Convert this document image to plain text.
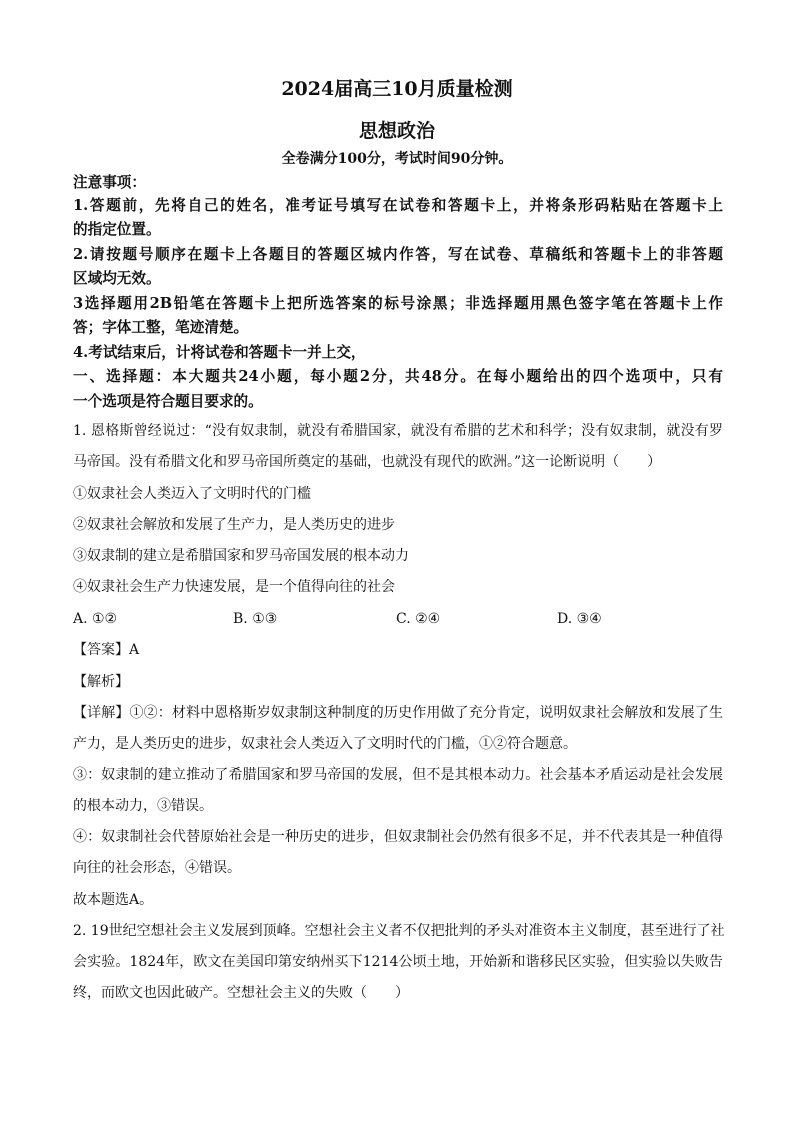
2024届高三10月质量检测
思想政治
全卷满分100分，考试时间90分钟。
注意事项：
1.答题前，先将自己的姓名，准考证号填写在试卷和答题卡上，并将条形码粘贴在答题卡上
的指定位置。
2.请按题号顺序在题卡上各题目的答题区城内作答，写在试卷、草稿纸和答题卡上的非答题
区域均无效。
3选择题用2B铅笔在答题卡上把所选答案的标号涂黑；非选择题用黑色签字笔在答题卡上作
答；字体工整，笔迹清楚。
4.考试结束后，计将试卷和答题卡一并上交，
一、选择题：本大题共24小题，每小题2分，共48分。在每小题给出的四个选项中，只有
一个选项是符合题目要求的。
1. 恩格斯曾经说过：“没有奴隶制，就没有希腊国家，就没有希腊的艺术和科学；没有奴隶制，就没有罗
马帝国。没有希腊文化和罗马帝国所奠定的基础，也就没有现代的欧洲。”这一论断说明（　　）
①奴隶社会人类迈入了文明时代的门槛
②奴隶社会解放和发展了生产力，是人类历史的进步
③奴隶制的建立是希腊国家和罗马帝国发展的根本动力
④奴隶社会生产力快速发展，是一个值得向往的社会
A. ①②	B. ①③	C. ②④	D. ③④
【答案】A
【解析】
【详解】①②：材料中恩格斯岁奴隶制这种制度的历史作用做了充分肯定，说明奴隶社会解放和发展了生
产力，是人类历史的进步，奴隶社会人类迈入了文明时代的门槛，①②符合题意。
③：奴隶制的建立推动了希腊国家和罗马帝国的发展，但不是其根本动力。社会基本矛盾运动是社会发展
的根本动力，③错误。
④：奴隶制社会代替原始社会是一种历史的进步，但奴隶制社会仍然有很多不足，并不代表其是一种值得
向往的社会形态，④错误。
故本题选A。
2. 19世纪空想社会主义发展到顶峰。空想社会主义者不仅把批判的矛头对准资本主义制度，甚至进行了社
会实验。1824年，欧文在美国印第安纳州买下1214公顷土地，开始新和谐移民区实验，但实验以失败告
终，而欧文也因此破产。空想社会主义的失败（　　）
